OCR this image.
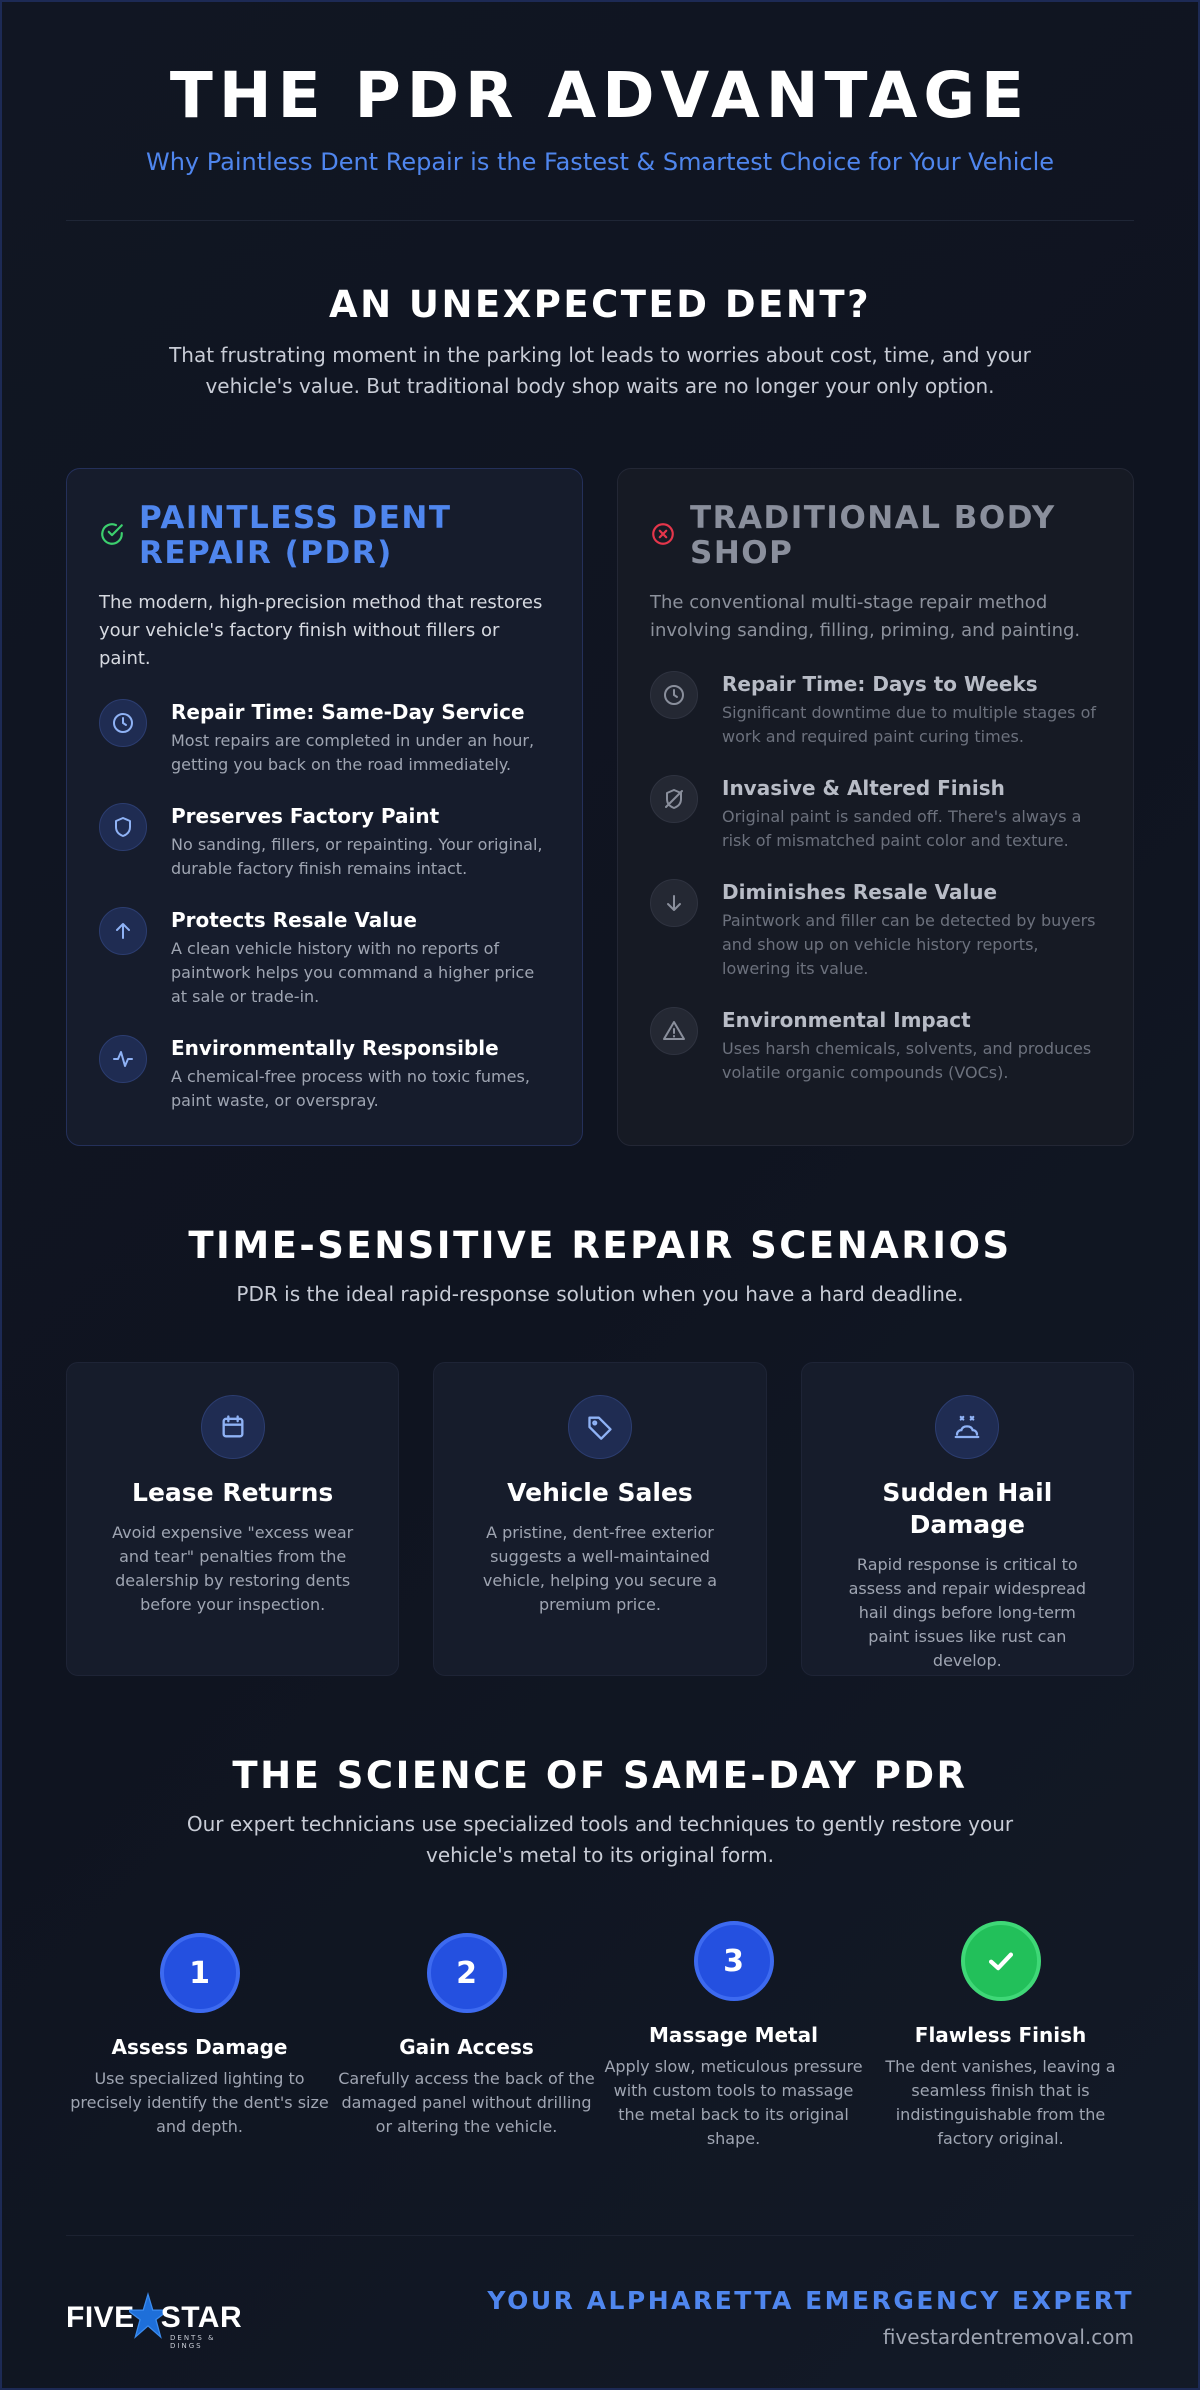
THE PDR ADVANTAGE
Why Paintless Dent Repair is the Fastest & Smartest Choice for Your Vehicle
AN UNEXPECTED DENT?

That frustrating moment in the parking lot leads to worries about cost, time, and your vehicle's value. But traditional body shop waits are no longer your only option.

PAINTLESS DENT REPAIR (PDR)

The modern, high-precision method that restores your vehicle's factory finish without fillers or paint.

Repair Time: Same-Day Service
Most repairs are completed in under an hour, getting you back on the road immediately.
Preserves Factory Paint
No sanding, fillers, or repainting. Your original, durable factory finish remains intact.
Protects Resale Value
A clean vehicle history with no reports of paintwork helps you command a higher price at sale or trade-in.
Environmentally Responsible
A chemical-free process with no toxic fumes, paint waste, or overspray.
TRADITIONAL BODY SHOP

The conventional multi-stage repair method involving sanding, filling, priming, and painting.

Repair Time: Days to Weeks
Significant downtime due to multiple stages of work and required paint curing times.
Invasive & Altered Finish
Original paint is sanded off. There's always a risk of mismatched paint color and texture.
Diminishes Resale Value
Paintwork and filler can be detected by buyers and show up on vehicle history reports, lowering its value.
Environmental Impact
Uses harsh chemicals, solvents, and produces volatile organic compounds (VOCs).
TIME-SENSITIVE REPAIR SCENARIOS

PDR is the ideal rapid-response solution when you have a hard deadline.

Lease Returns

Avoid expensive "excess wear and tear" penalties from the dealership by restoring dents before your inspection.

Vehicle Sales

A pristine, dent-free exterior suggests a well-maintained vehicle, helping you secure a premium price.

Sudden Hail Damage

Rapid response is critical to assess and repair widespread hail dings before long-term paint issues like rust can develop.

THE SCIENCE OF SAME-DAY PDR

Our expert technicians use specialized tools and techniques to gently restore your vehicle's metal to its original form.

1
Assess Damage

Use specialized lighting to precisely identify the dent's size and depth.

2
Gain Access

Carefully access the back of the damaged panel without drilling or altering the vehicle.

3
Massage Metal

Apply slow, meticulous pressure with custom tools to massage the metal back to its original shape.

Flawless Finish

The dent vanishes, leaving a seamless finish that is indistinguishable from the factory original.

FIVE STAR
DENTS & DINGS
YOUR ALPHARETTA EMERGENCY EXPERT
fivestardentremoval.com
